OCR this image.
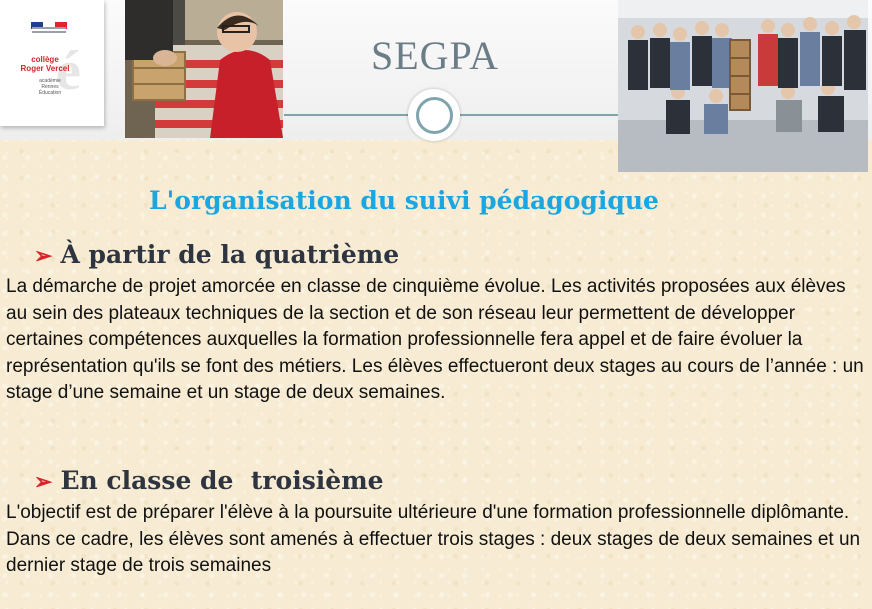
é
collège Roger Vercel
académie Rennes
Éducation
SEGPA
L'organisation du suivi pédagogique
➢ À partir de la quatrième
La démarche de projet amorcée en classe de cinquième évolue. Les activités proposées aux élèves au sein des plateaux techniques de la section et de son réseau leur permettent de développer certaines compétences auxquelles la formation professionnelle fera appel et de faire évoluer la représentation qu'ils se font des métiers. Les élèves effectueront deux stages au cours de l’année : un stage d’une semaine et un stage de deux semaines.
➢ En classe de  troisième
L'objectif est de préparer l'élève à la poursuite ultérieure d'une formation professionnelle diplômante. Dans ce cadre, les élèves sont amenés à effectuer trois stages : deux stages de deux semaines et un dernier stage de trois semaines
